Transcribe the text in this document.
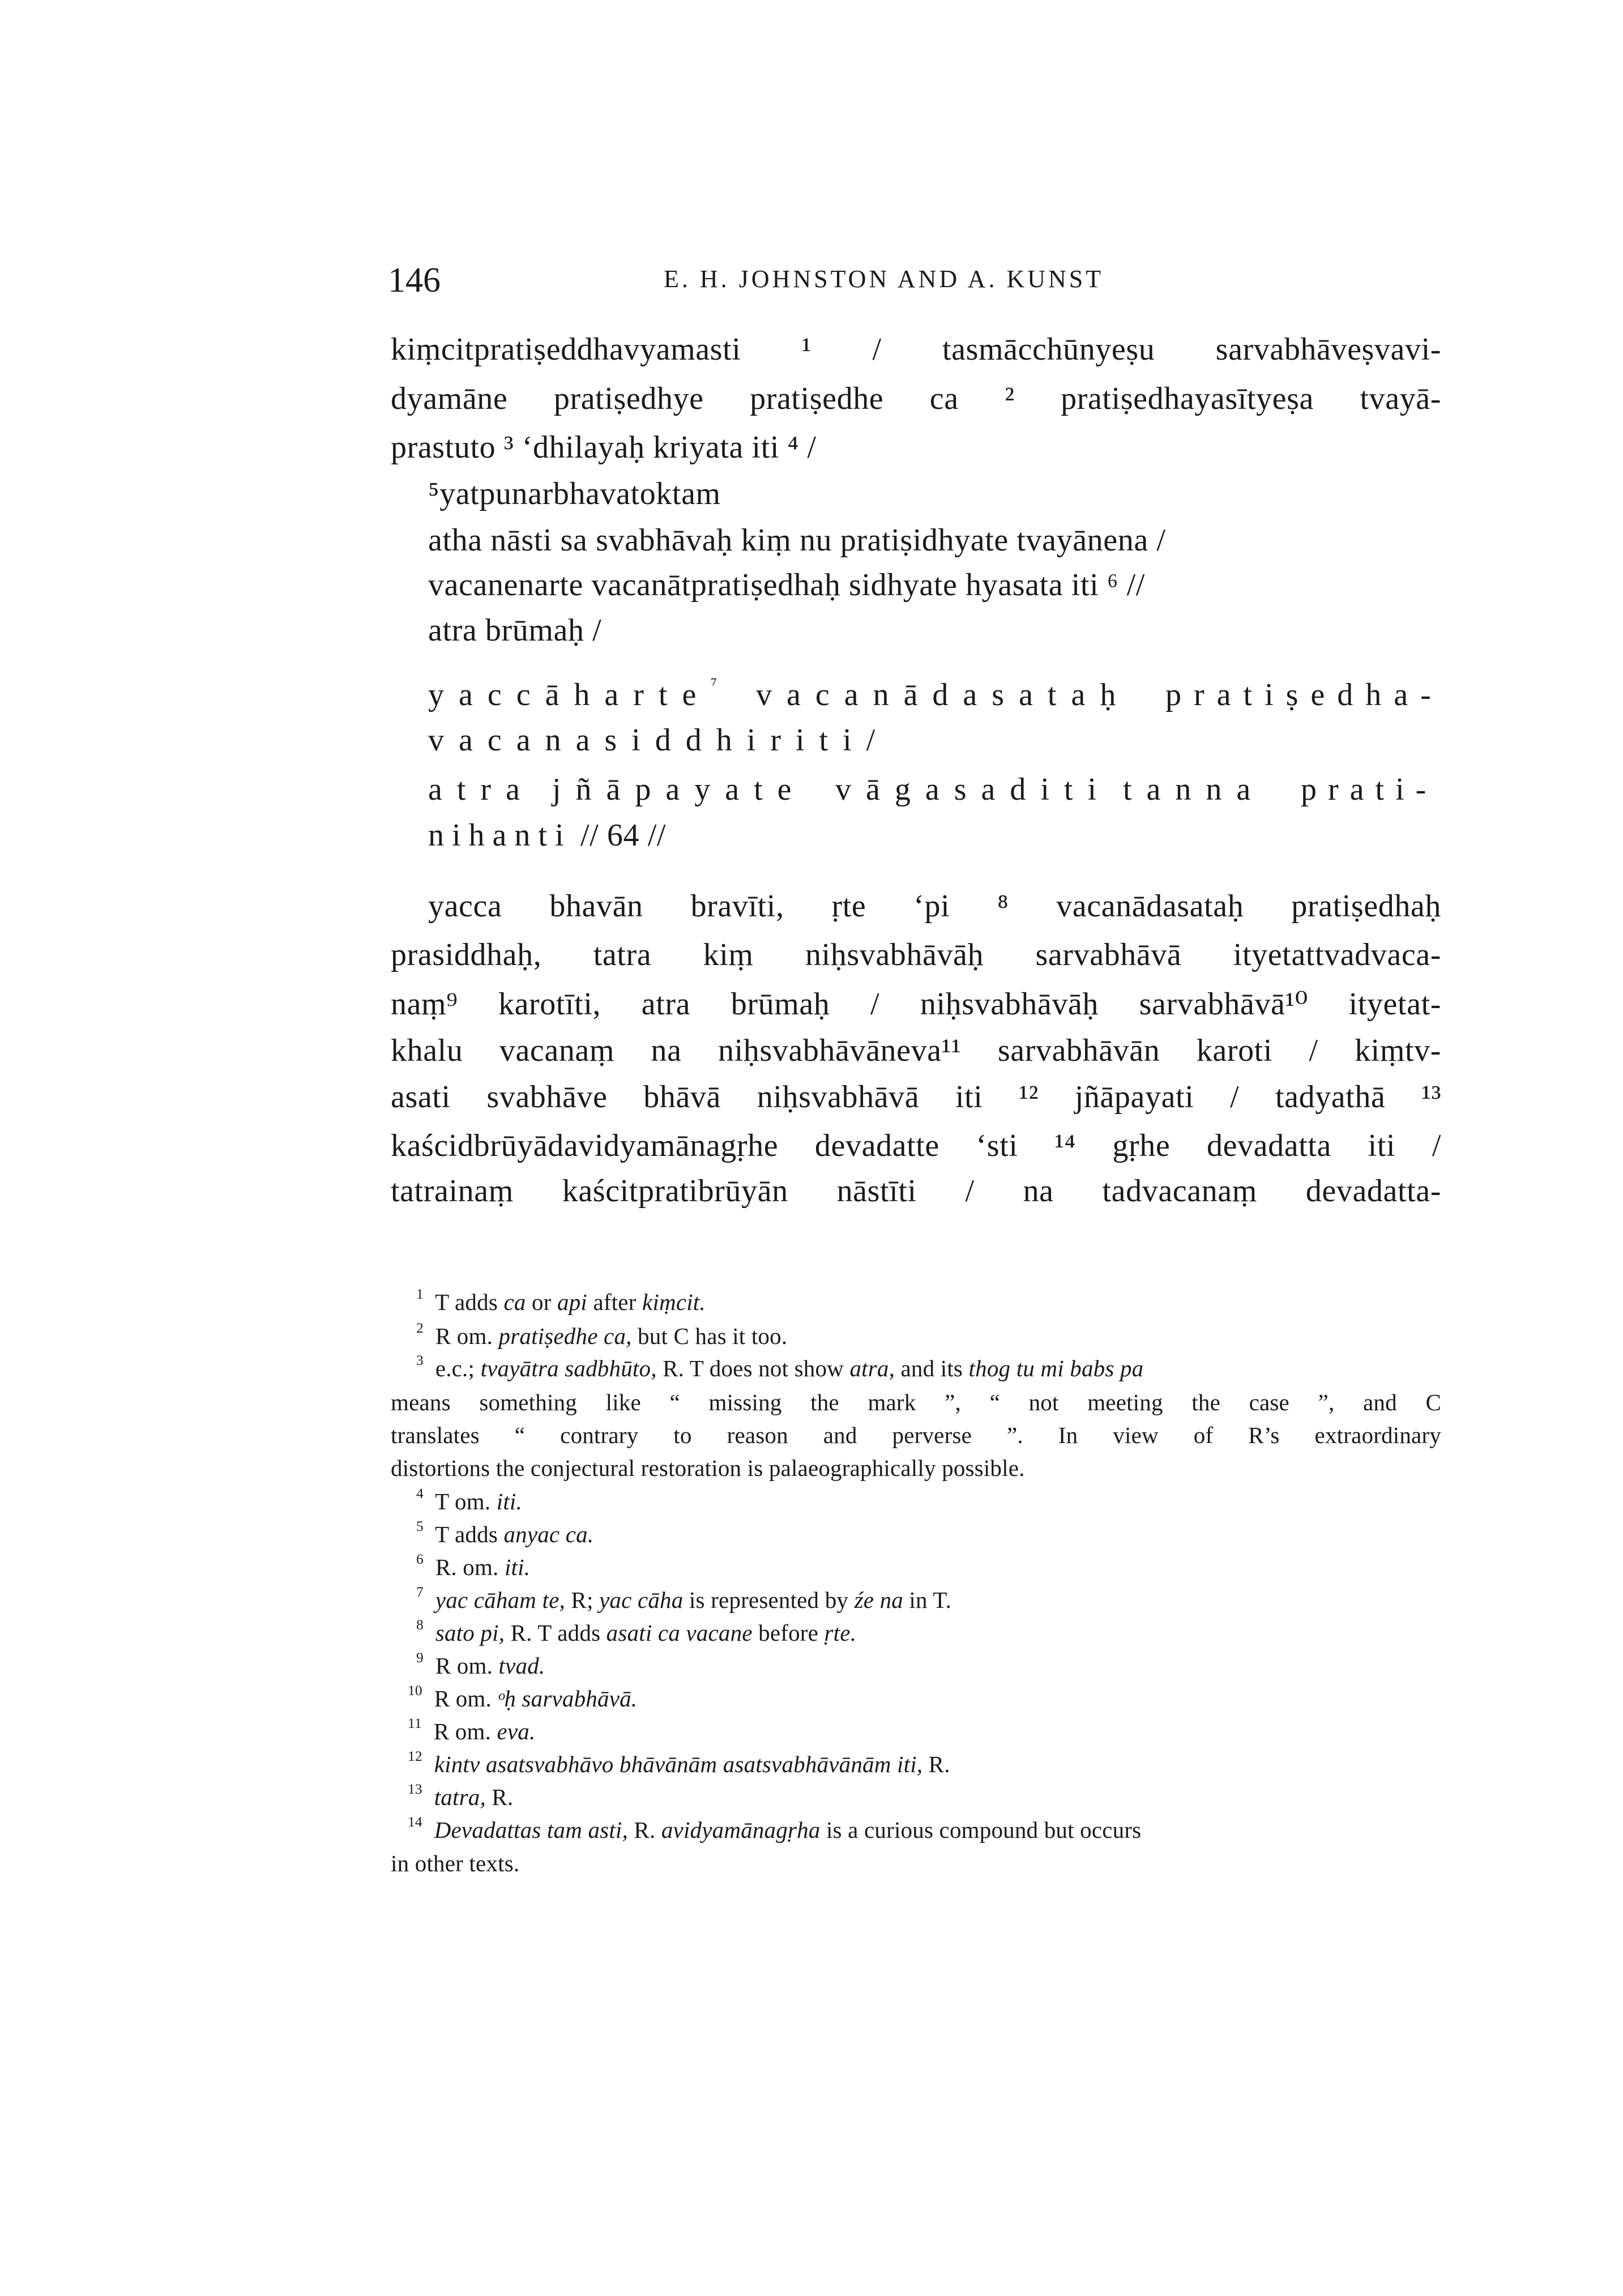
146	E. H. JOHNSTON AND A. KUNST
kiṃcitpratiṣeddhavyamasti ¹ / tasmācchūnyeṣu sarvabhāveṣvavi-
dyamāne pratiṣedhye pratiṣedhe ca ² pratiṣedhayasītyeṣa tvayā-
prastuto ³ ‘dhilayaḥ kriyata iti ⁴ /
⁵yatpunarbhavatoktam
atha nāsti sa svabhāvaḥ kiṃ nu pratiṣidhyate tvayānena /
vacanenarte vacanātpratiṣedhaḥ sidhyate hyasata iti ⁶ //
atra brūmaḥ /
yaccāharte ⁷ vacanādasataḥ pratiṣedha-
vacanasiddhiriti/
atra jñāpayate vāgasaditi tanna prati-
nihanti // 64 //
yacca bhavān bravīti, ṛte ‘pi ⁸ vacanādasataḥ pratiṣedhaḥ
prasiddhaḥ, tatra kiṃ niḥsvabhāvāḥ sarvabhāvā ityetattvadvaca-
naṃ⁹ karotīti, atra brūmaḥ / niḥsvabhāvāḥ sarvabhāvā¹⁰ ityetat-
khalu vacanaṃ na niḥsvabhāvāneva¹¹ sarvabhāvān karoti / kiṃtv-
asati svabhāve bhāvā niḥsvabhāvā iti ¹² jñāpayati / tadyathā ¹³
kaścidbrūyādavidyamānagṛhe devadatte ‘sti ¹⁴ gṛhe devadatta iti /
tatrainaṃ kaścitpratibrūyān nāstīti / na tadvacanaṃ devadatta-
$^1$ T adds ca or api after kiṃcit.
$^2$ R om. pratiṣedhe ca, but C has it too.
$^3$ e.c.; tvayātra sadbhūto, R. T does not show atra, and its thog tu mi babs pa
means something like “ missing the mark ”, “ not meeting the case ”, and C
translates “ contrary to reason and perverse ”. In view of R’s extraordinary
distortions the conjectural restoration is palaeographically possible.
$^4$ T om. iti.
$^5$ T adds anyac ca.
$^6$ R. om. iti.
$^7$ yac cāham te, R; yac cāha is represented by źe na in T.
$^8$ sato pi, R. T adds asati ca vacane before ṛte.
$^9$ R om. tvad.
$^{10}$ R om. ᵒḥ sarvabhāvā.
$^{11}$ R om. eva.
$^{12}$ kintv asatsvabhāvo bhāvānām asatsvabhāvānām iti, R.
$^{13}$ tatra, R.
$^{14}$ Devadattas tam asti, R. avidyamānagṛha is a curious compound but occurs
in other texts.
